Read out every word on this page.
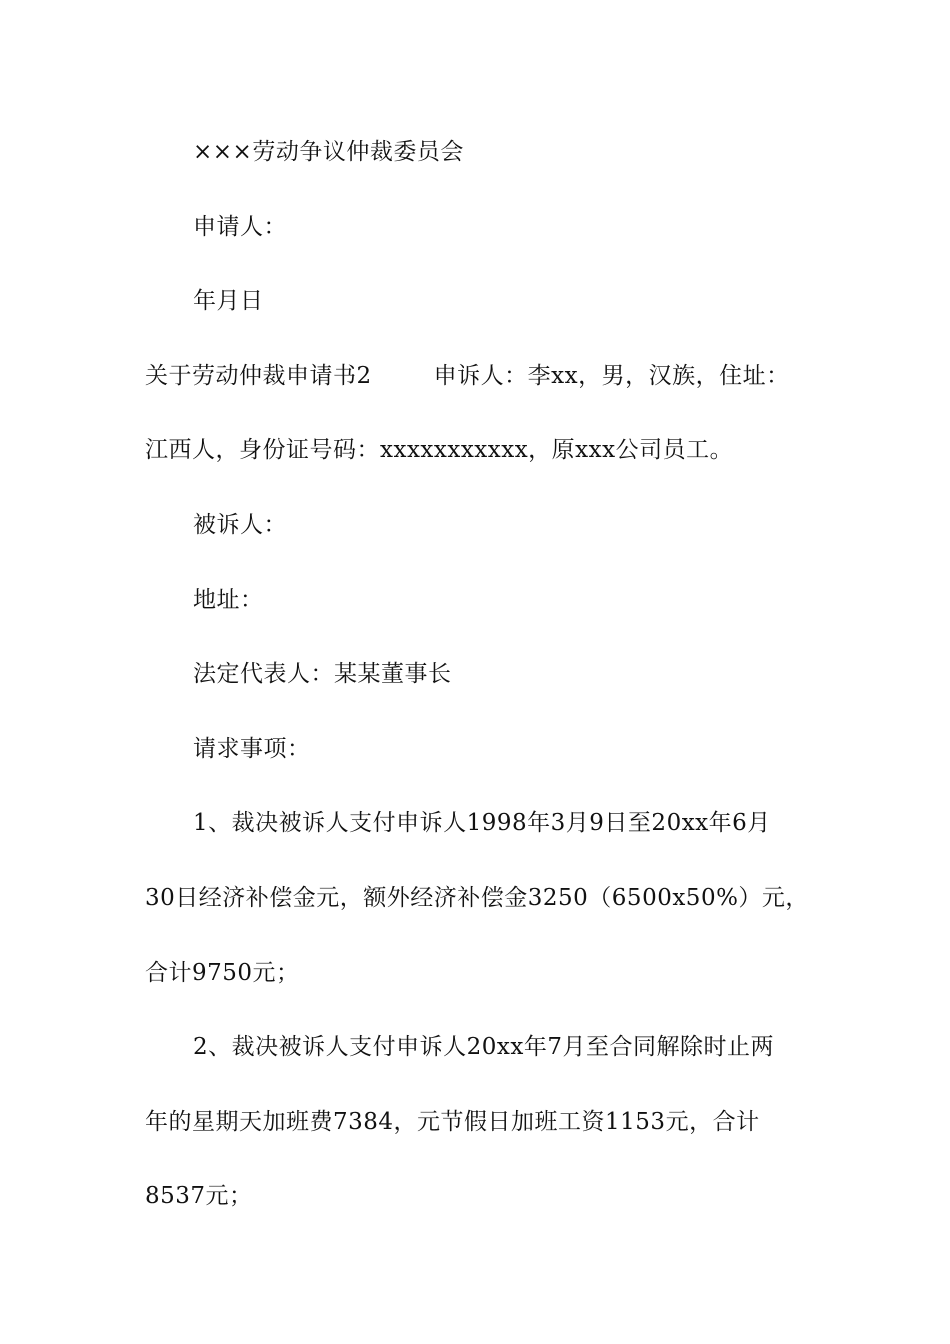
×××劳动争议仲裁委员会
申请人：
年月日
关于劳动仲裁申请书2	申诉人：李xx，男，汉族，住址：
江西人，身份证号码：xxxxxxxxxxx，原xxx公司员工。
被诉人：
地址：
法定代表人：某某董事长
请求事项：
1、裁决被诉人支付申诉人1998年3月9日至20xx年6月
30日经济补偿金元，额外经济补偿金3250（6500x50%）元，
合计9750元；
2、裁决被诉人支付申诉人20xx年7月至合同解除时止两
年的星期天加班费7384，元节假日加班工资1153元，合计
8537元；
